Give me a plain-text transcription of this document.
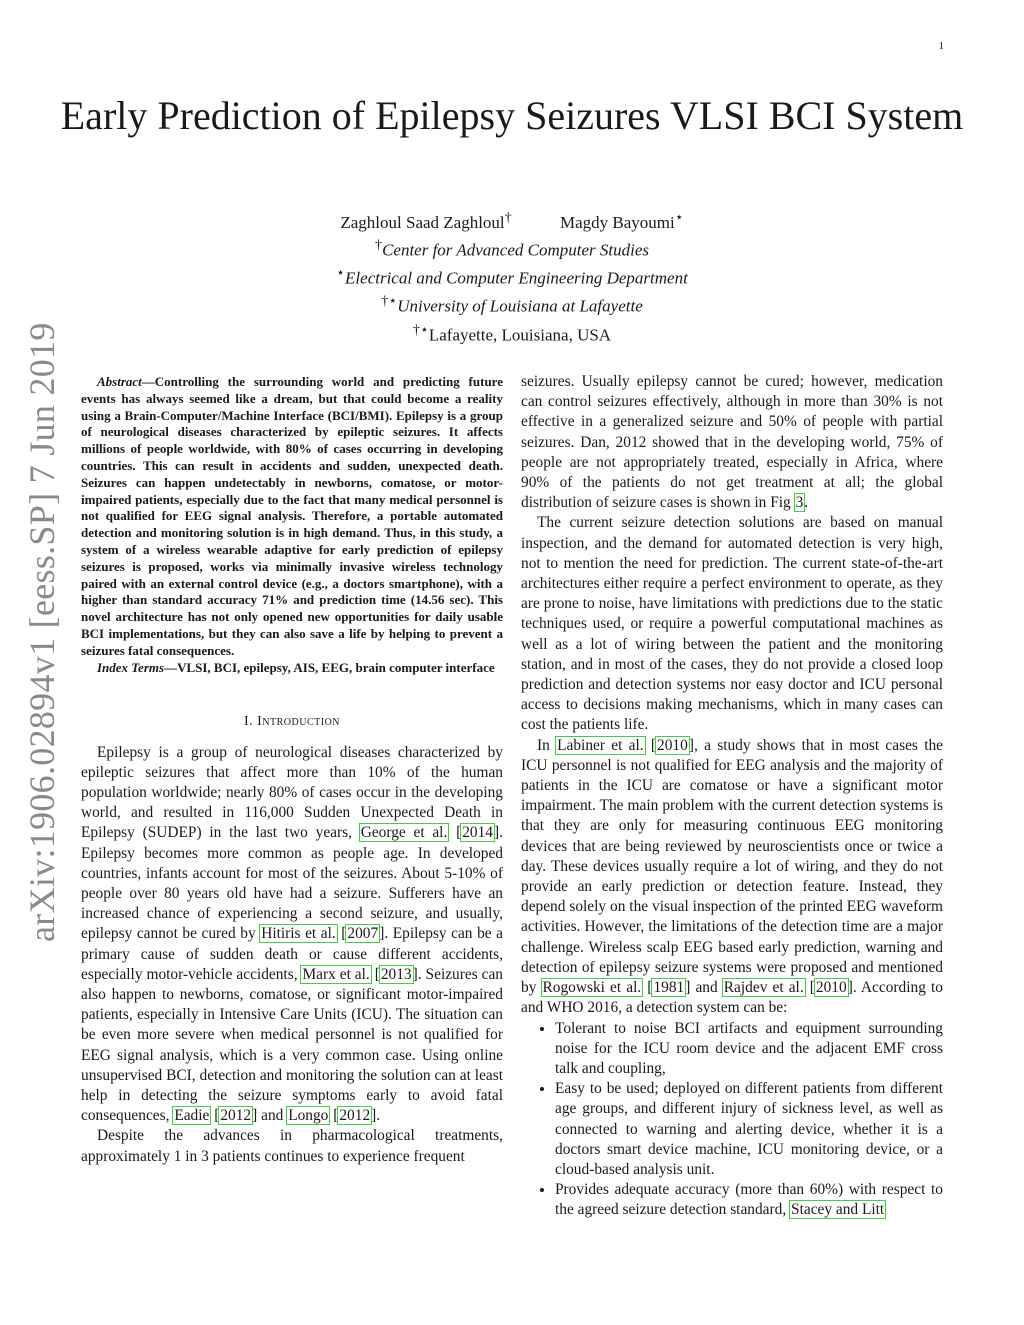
1
Early Prediction of Epilepsy Seizures VLSI BCI System
Zaghloul Saad Zaghloul†	Magdy Bayoumi⋆
†Center for Advanced Computer Studies
⋆Electrical and Computer Engineering Department
†⋆University of Louisiana at Lafayette
†⋆Lafayette, Louisiana, USA
arXiv:1906.02894v1 [eess.SP] 7 Jun 2019	Abstract—Controlling the surrounding world and predicting future events has always seemed like a dream, but that could become a reality using a Brain-Computer/Machine Interface (BCI/BMI). Epilepsy is a group of neurological diseases characterized by epileptic seizures. It affects millions of people worldwide, with 80% of cases occurring in developing countries. This can result in accidents and sudden, unexpected death. Seizures can happen undetectably in newborns, comatose, or motor-impaired patients, especially due to the fact that many medical personnel is not qualified for EEG signal analysis. Therefore, a portable automated detection and monitoring solution is in high demand. Thus, in this study, a system of a wireless wearable adaptive for early prediction of epilepsy seizures is proposed, works via minimally invasive wireless technology paired with an external control device (e.g., a doctors smartphone), with a higher than standard accuracy 71% and prediction time (14.56 sec). This novel architecture has not only opened new opportunities for daily usable BCI implementations, but they can also save a life by helping to prevent a seizures fatal consequences.

Index Terms—VLSI, BCI, epilepsy, AIS, EEG, brain computer interface

I. Introduction

Epilepsy is a group of neurological diseases characterized by epileptic seizures that affect more than 10% of the human population worldwide; nearly 80% of cases occur in the developing world, and resulted in 116,000 Sudden Unexpected Death in Epilepsy (SUDEP) in the last two years, George et al. [2014]. Epilepsy becomes more common as people age. In developed countries, infants account for most of the seizures. About 5-10% of people over 80 years old have had a seizure. Sufferers have an increased chance of experiencing a second seizure, and usually, epilepsy cannot be cured by Hitiris et al. [2007]. Epilepsy can be a primary cause of sudden death or cause different accidents, especially motor-vehicle accidents, Marx et al. [2013]. Seizures can also happen to newborns, comatose, or significant motor-impaired patients, especially in Intensive Care Units (ICU). The situation can be even more severe when medical personnel is not qualified for EEG signal analysis, which is a very common case. Using online unsupervised BCI, detection and monitoring the solution can at least help in detecting the seizure symptoms early to avoid fatal consequences, Eadie [2012] and Longo [2012].

Despite the advances in pharmacological treatments, approximately 1 in 3 patients continues to experience frequent

seizures. Usually epilepsy cannot be cured; however, medication can control seizures effectively, although in more than 30% is not effective in a generalized seizure and 50% of people with partial seizures. Dan, 2012 showed that in the developing world, 75% of people are not appropriately treated, especially in Africa, where 90% of the patients do not get treatment at all; the global distribution of seizure cases is shown in Fig 3.

The current seizure detection solutions are based on manual inspection, and the demand for automated detection is very high, not to mention the need for prediction. The current state-of-the-art architectures either require a perfect environment to operate, as they are prone to noise, have limitations with predictions due to the static techniques used, or require a powerful computational machines as well as a lot of wiring between the patient and the monitoring station, and in most of the cases, they do not provide a closed loop prediction and detection systems nor easy doctor and ICU personal access to decisions making mechanisms, which in many cases can cost the patients life.

In Labiner et al. [2010], a study shows that in most cases the ICU personnel is not qualified for EEG analysis and the majority of patients in the ICU are comatose or have a significant motor impairment. The main problem with the current detection systems is that they are only for measuring continuous EEG monitoring devices that are being reviewed by neuroscientists once or twice a day. These devices usually require a lot of wiring, and they do not provide an early prediction or detection feature. Instead, they depend solely on the visual inspection of the printed EEG waveform activities. However, the limitations of the detection time are a major challenge. Wireless scalp EEG based early prediction, warning and detection of epilepsy seizure systems were proposed and mentioned by Rogowski et al. [1981] and Rajdev et al. [2010]. According to and WHO 2016, a detection system can be:

• Tolerant to noise BCI artifacts and equipment surrounding noise for the ICU room device and the adjacent EMF cross talk and coupling,
• Easy to be used; deployed on different patients from different age groups, and different injury of sickness level, as well as connected to warning and alerting device, whether it is a doctors smart device machine, ICU monitoring device, or a cloud-based analysis unit.
• Provides adequate accuracy (more than 60%) with respect to the agreed seizure detection standard, Stacey and Litt
